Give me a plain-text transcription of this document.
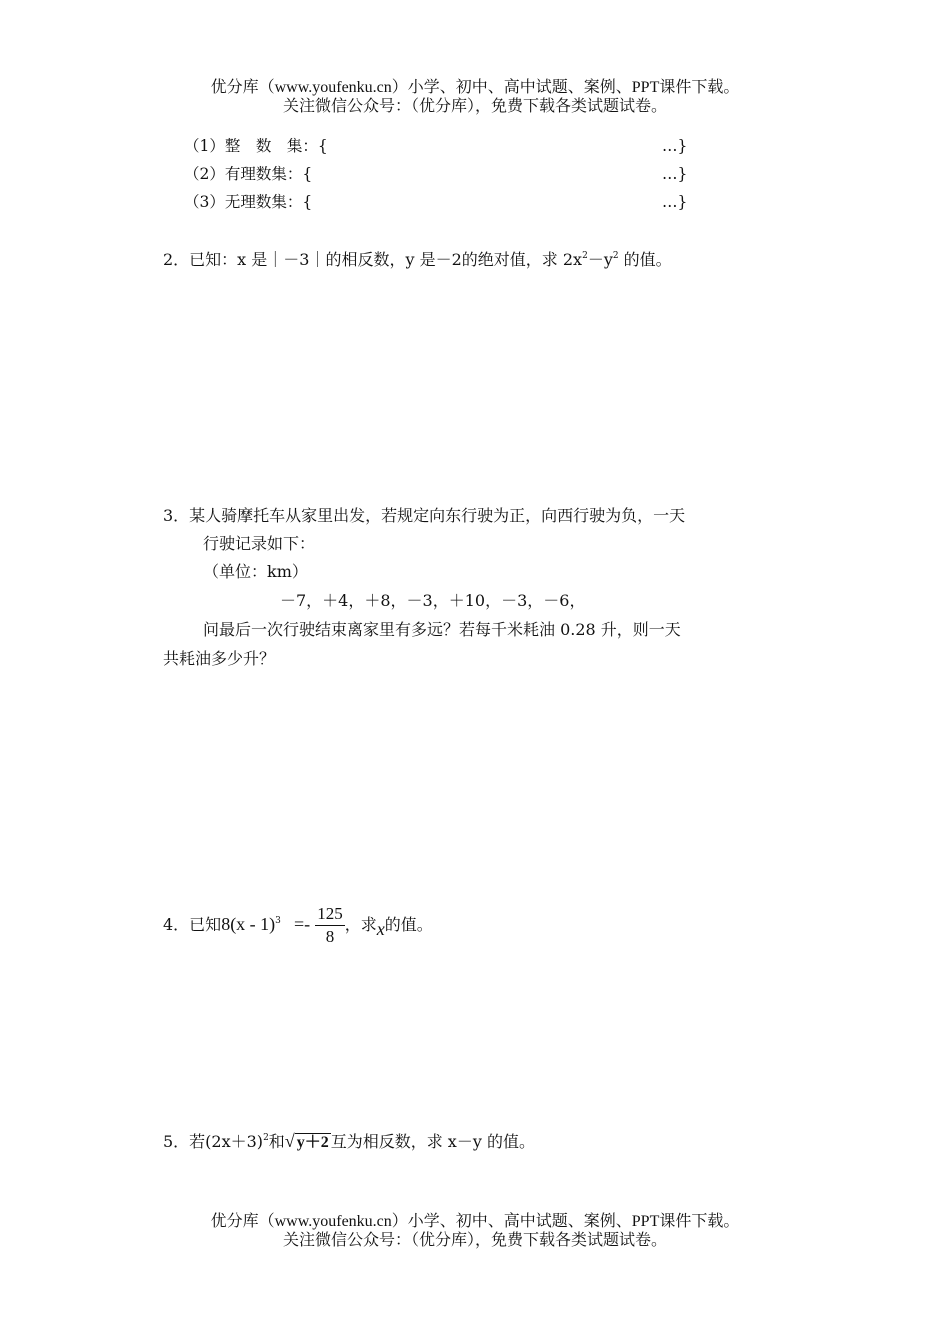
优分库（www.youfenku.cn）小学、初中、高中试题、案例、PPT课件下载。
关注微信公众号：（优分库），免费下载各类试题试卷。
（1）整　数　集：{	…}
（2）有理数集：{	…}
（3）无理数集：{	…}
2．已知：x 是｜－3｜的相反数，y 是－2的绝对值，求 $2x^2-y^2$ 的值。
3．某人骑摩托车从家里出发，若规定向东行驶为正，向西行驶为负，一天
行驶记录如下：
（单位：km）
－7，＋4，＋8，－3，＋10，－3，－6，
问最后一次行驶结束离家里有多远？若每千米耗油 0.28 升，则一天
共耗油多少升？
4．已知$8(x - 1)^3 =- \frac{125}{8}$ ，求x的值。
5．若$(2x+3)^2$和√ y＋2 互为相反数，求 x－y 的值。
优分库（www.youfenku.cn）小学、初中、高中试题、案例、PPT课件下载。
关注微信公众号：（优分库），免费下载各类试题试卷。
